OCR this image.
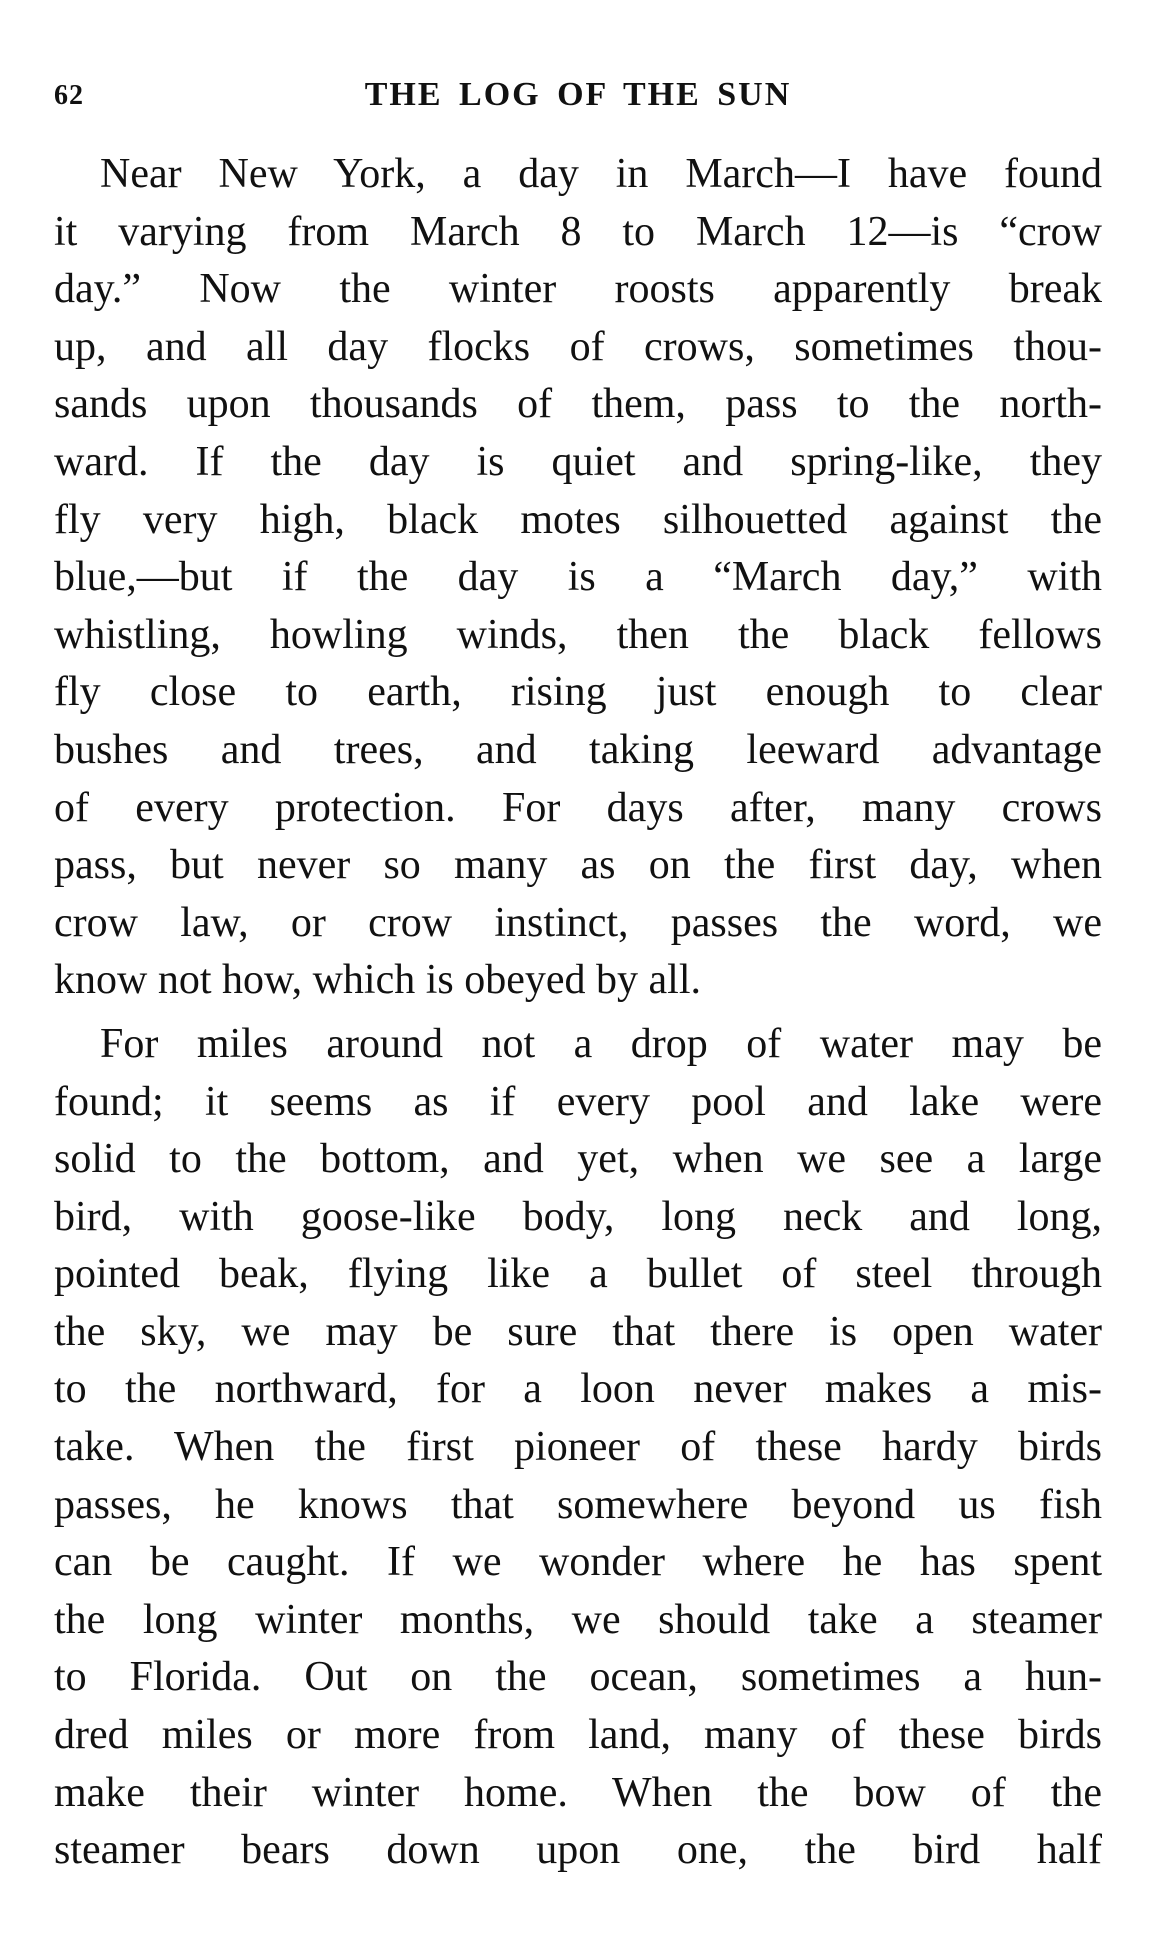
62	THE LOG OF THE SUN
Near New York, a day in March—I have found
it varying from March 8 to March 12—is “crow
day.” Now the winter roosts apparently break
up, and all day flocks of crows, sometimes thou-
sands upon thousands of them, pass to the north-
ward. If the day is quiet and spring-like, they
fly very high, black motes silhouetted against the
blue,—but if the day is a “March day,” with
whistling, howling winds, then the black fellows
fly close to earth, rising just enough to clear
bushes and trees, and taking leeward advantage
of every protection. For days after, many crows
pass, but never so many as on the first day, when
crow law, or crow instinct, passes the word, we
know not how, which is obeyed by all.
For miles around not a drop of water may be
found; it seems as if every pool and lake were
solid to the bottom, and yet, when we see a large
bird, with goose-like body, long neck and long,
pointed beak, flying like a bullet of steel through
the sky, we may be sure that there is open water
to the northward, for a loon never makes a mis-
take. When the first pioneer of these hardy birds
passes, he knows that somewhere beyond us fish
can be caught. If we wonder where he has spent
the long winter months, we should take a steamer
to Florida. Out on the ocean, sometimes a hun-
dred miles or more from land, many of these birds
make their winter home. When the bow of the
steamer bears down upon one, the bird half
